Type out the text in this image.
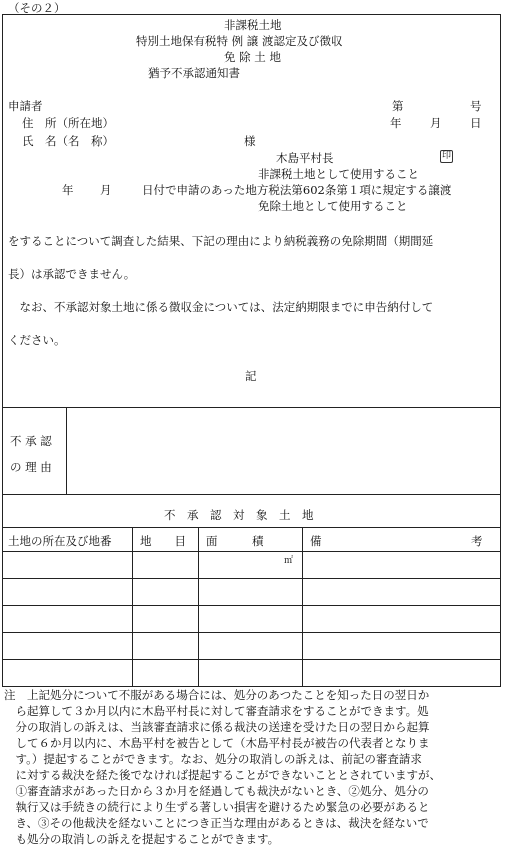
（その２）
非課税土地
特別土地保有税特 例 譲 渡認定及び徴収
免 除 土 地
猶予不承認通知書
申請者
住　所（所在地）
氏　名（名　称）	様
第	号
年 月 日
木島平村長	印
非課税土地として使用すること
年 月	日付で申請のあった地方税法第602条第１項に規定する譲渡
免除土地として使用すること
をすることについて調査した結果、下記の理由により納税義務の免除期間（期間延
長）は承認できません。
　なお、不承認対象土地に係る徴収金については、法定納期限までに申告納付して
ください。
記
不 承 認
の 理 由
不　承　認　対　象　土　地
土地の所在及び地番 地　　目 面　　　積	備　　　　　　　　　　　　　考
㎡

注　上記処分について不服がある場合には、処分のあつたことを知った日の翌日か

　ら起算して３か月以内に木島平村長に対して審査請求をすることができます。処

　分の取消しの訴えは、当該審査請求に係る裁決の送達を受けた日の翌日から起算

　して６か月以内に、木島平村を被告として（木島平村長が被告の代表者となりま

　す。）提起することができます。なお、処分の取消しの訴えは、前記の審査請求

　に対する裁決を経た後でなければ提起することができないこととされていますが、

　①審査請求があった日から３か月を経過しても裁決がないとき、②処分、処分の

　執行又は手続きの続行により生ずる著しい損害を避けるため緊急の必要があると

　き、③その他裁決を経ないことにつき正当な理由があるときは、裁決を経ないで

　も処分の取消しの訴えを提起することができます。
